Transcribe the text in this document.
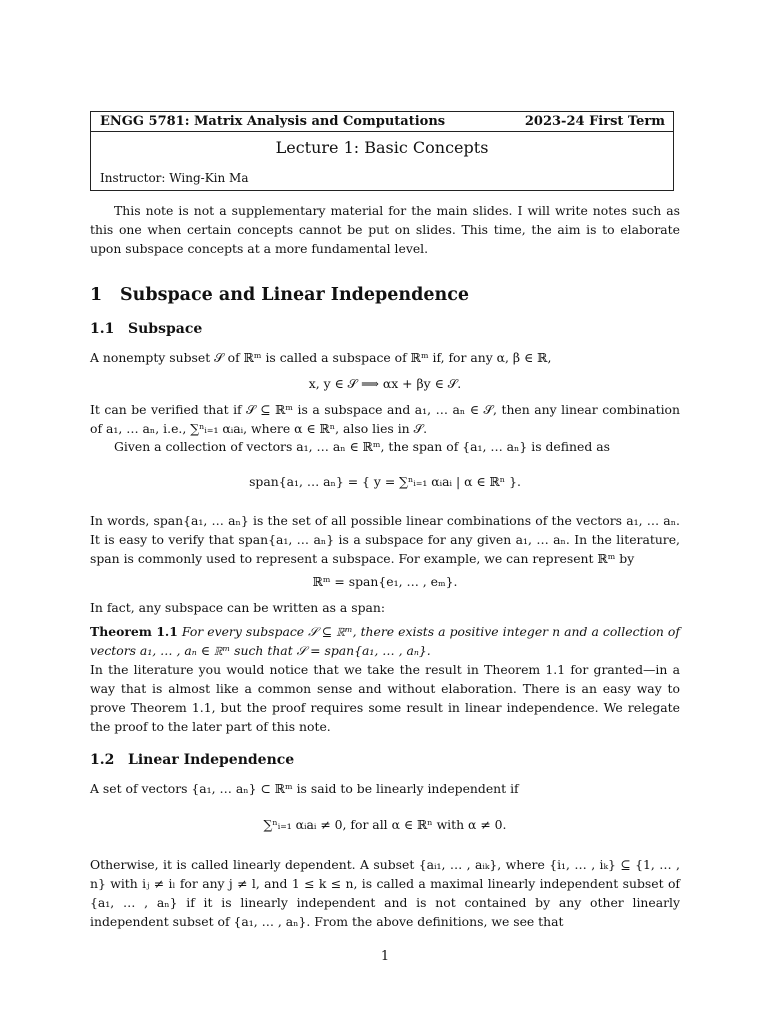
ENGG 5781: Matrix Analysis and Computations	2023-24 First Term
Lecture 1: Basic Concepts
Instructor: Wing-Kin Ma

This note is not a supplementary material for the main slides. I will write notes such as this one when certain concepts cannot be put on slides. This time, the aim is to elaborate upon subspace concepts at a more fundamental level.

1 Subspace and Linear Independence
1.1 Subspace

A nonempty subset 𝒮 of ℝᵐ is called a subspace of ℝᵐ if, for any α, β ∈ ℝ,

x, y ∈ 𝒮 ⟹ αx + βy ∈ 𝒮.

It can be verified that if 𝒮 ⊆ ℝᵐ is a subspace and a₁, … aₙ ∈ 𝒮, then any linear combination of a₁, … aₙ, i.e., ∑ⁿᵢ₌₁ αᵢaᵢ, where α ∈ ℝⁿ, also lies in 𝒮.

Given a collection of vectors a₁, … aₙ ∈ ℝᵐ, the span of {a₁, … aₙ} is defined as

span{a₁, … aₙ} = { y = ∑ⁿᵢ₌₁ αᵢaᵢ | α ∈ ℝⁿ }.

In words, span{a₁, … aₙ} is the set of all possible linear combinations of the vectors a₁, … aₙ. It is easy to verify that span{a₁, … aₙ} is a subspace for any given a₁, … aₙ. In the literature, span is commonly used to represent a subspace. For example, we can represent ℝᵐ by

ℝᵐ = span{e₁, … , eₘ}.

In fact, any subspace can be written as a span:

Theorem 1.1 For every subspace 𝒮 ⊆ ℝᵐ, there exists a positive integer n and a collection of vectors a₁, … , aₙ ∈ ℝᵐ such that 𝒮 = span{a₁, … , aₙ}.

In the literature you would notice that we take the result in Theorem 1.1 for granted—in a way that is almost like a common sense and without elaboration. There is an easy way to prove Theorem 1.1, but the proof requires some result in linear independence. We relegate the proof to the later part of this note.

1.2 Linear Independence

A set of vectors {a₁, … aₙ} ⊂ ℝᵐ is said to be linearly independent if

∑ⁿᵢ₌₁ αᵢaᵢ ≠ 0, for all α ∈ ℝⁿ with α ≠ 0.

Otherwise, it is called linearly dependent. A subset {aᵢ₁, … , aᵢₖ}, where {i₁, … , iₖ} ⊆ {1, … , n} with iⱼ ≠ iₗ for any j ≠ l, and 1 ≤ k ≤ n, is called a maximal linearly independent subset of {a₁, … , aₙ} if it is linearly independent and is not contained by any other linearly independent subset of {a₁, … , aₙ}. From the above definitions, we see that

1
